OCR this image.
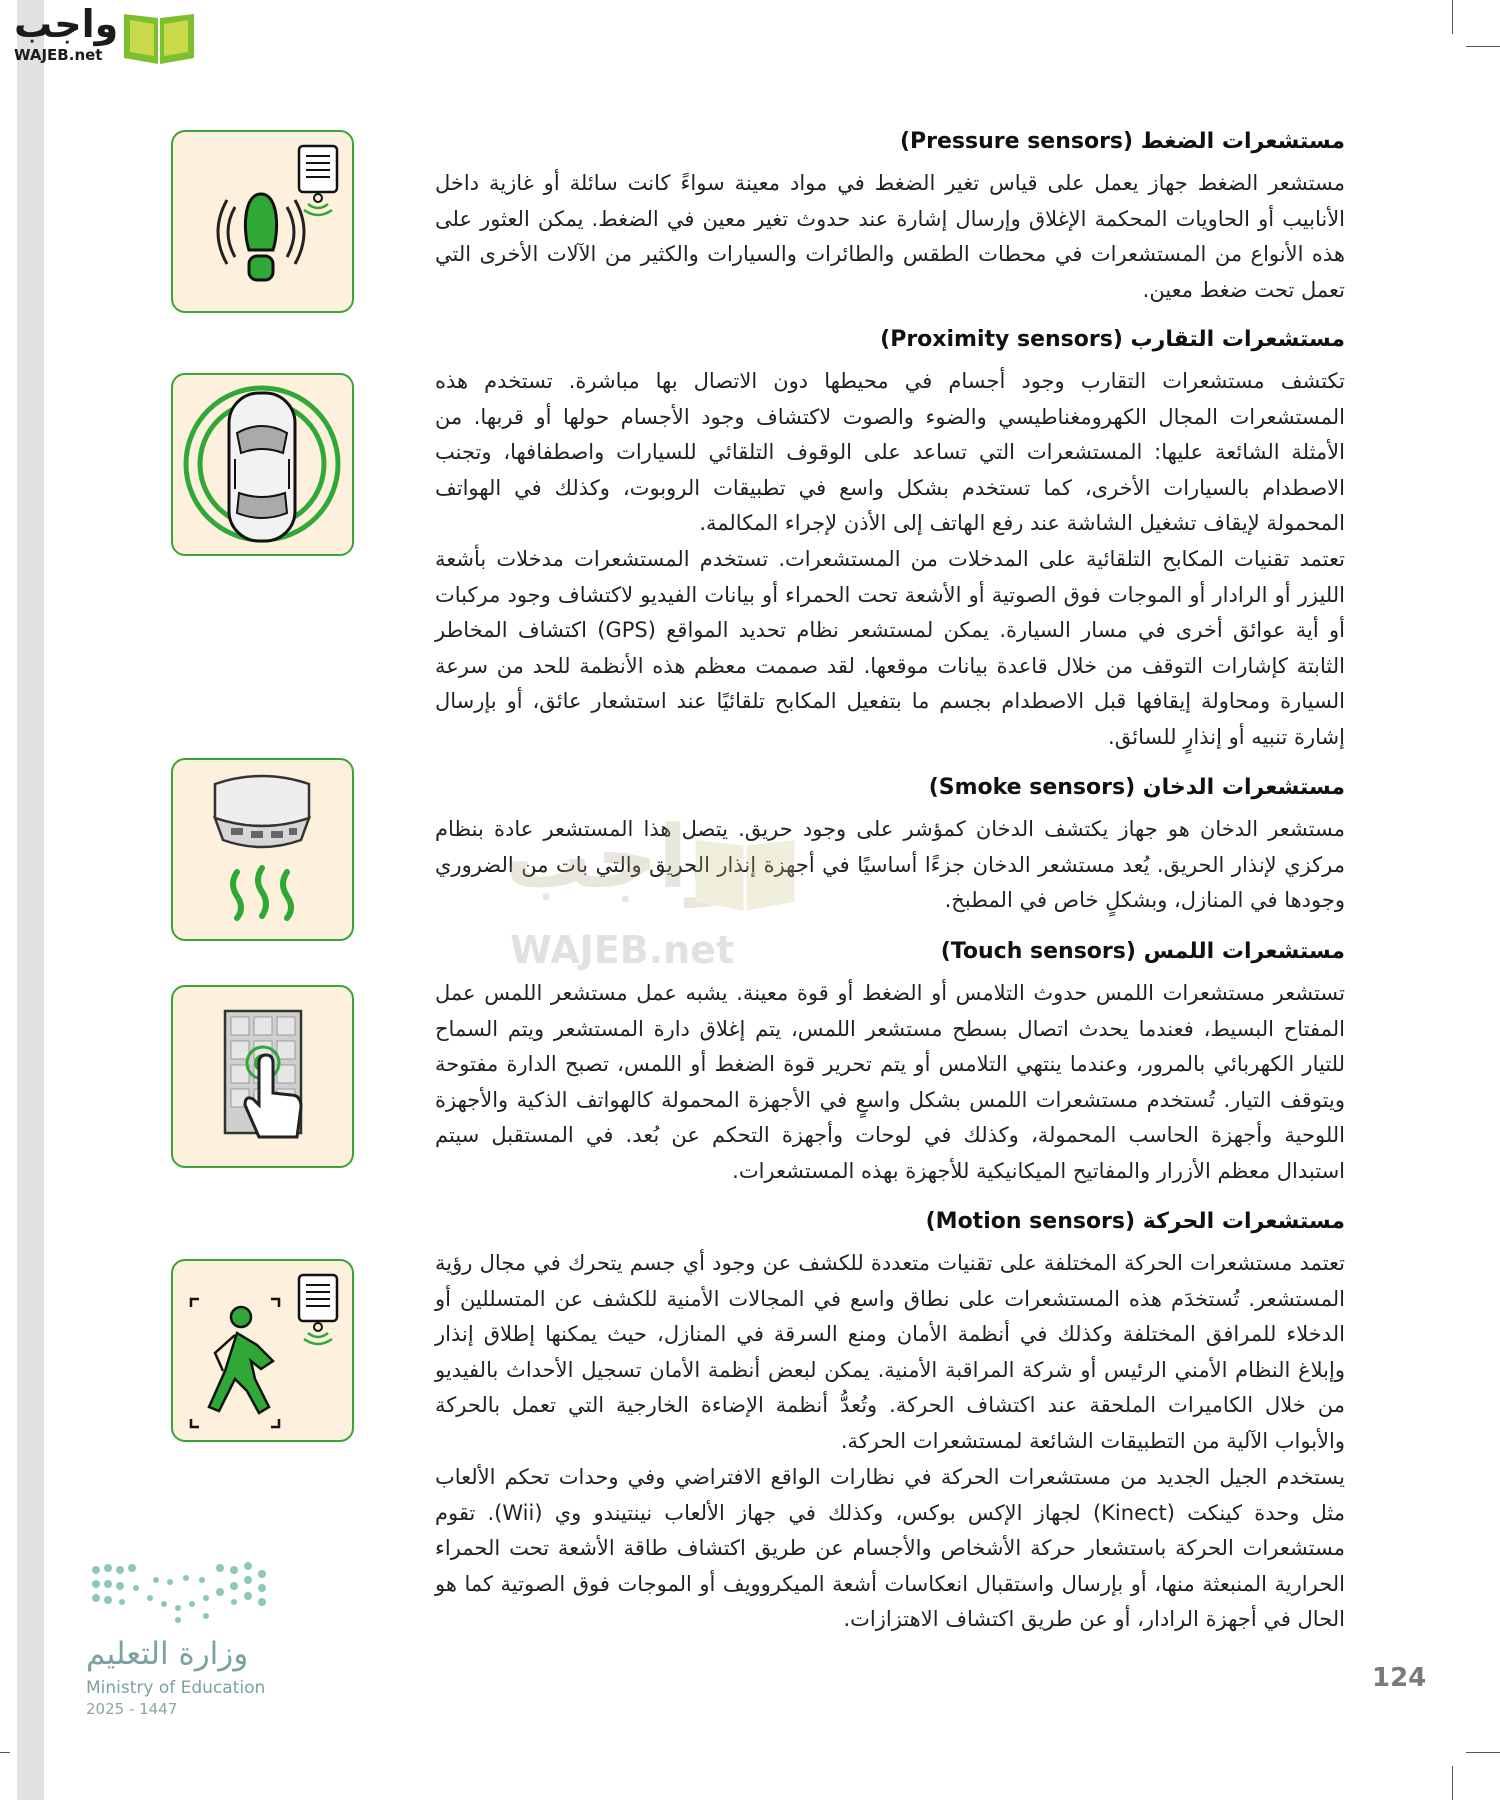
واجب
WAJEB.net
مستشعرات الضغط (Pressure sensors)
مستشعر الضغط جهاز يعمل على قياس تغير الضغط في مواد معينة سواءً كانت سائلة أو غازية داخل الأنابيب أو الحاويات المحكمة الإغلاق وإرسال إشارة عند حدوث تغير معين في الضغط. يمكن العثور على هذه الأنواع من المستشعرات في محطات الطقس والطائرات والسيارات والكثير من الآلات الأخرى التي تعمل تحت ضغط معين.
مستشعرات التقارب (Proximity sensors)
تكتشف مستشعرات التقارب وجود أجسام في محيطها دون الاتصال بها مباشرة. تستخدم هذه المستشعرات المجال الكهرومغناطيسي والضوء والصوت لاكتشاف وجود الأجسام حولها أو قربها. من الأمثلة الشائعة عليها: المستشعرات التي تساعد على الوقوف التلقائي للسيارات واصطفافها، وتجنب الاصطدام بالسيارات الأخرى، كما تستخدم بشكل واسع في تطبيقات الروبوت، وكذلك في الهواتف المحمولة لإيقاف تشغيل الشاشة عند رفع الهاتف إلى الأذن لإجراء المكالمة.
تعتمد تقنيات المكابح التلقائية على المدخلات من المستشعرات. تستخدم المستشعرات مدخلات بأشعة الليزر أو الرادار أو الموجات فوق الصوتية أو الأشعة تحت الحمراء أو بيانات الفيديو لاكتشاف وجود مركبات أو أية عوائق أخرى في مسار السيارة. يمكن لمستشعر نظام تحديد المواقع (GPS) اكتشاف المخاطر الثابتة كإشارات التوقف من خلال قاعدة بيانات موقعها. لقد صممت معظم هذه الأنظمة للحد من سرعة السيارة ومحاولة إيقافها قبل الاصطدام بجسم ما بتفعيل المكابح تلقائيًا عند استشعار عائق، أو بإرسال إشارة تنبيه أو إنذارٍ للسائق.
مستشعرات الدخان (Smoke sensors)
مستشعر الدخان هو جهاز يكتشف الدخان كمؤشر على وجود حريق. يتصل هذا المستشعر عادة بنظام مركزي لإنذار الحريق. يُعد مستشعر الدخان جزءًا أساسيًا في أجهزة إنذار الحريق والتي بات من الضروري وجودها في المنازل، وبشكلٍ خاص في المطبخ.
مستشعرات اللمس (Touch sensors)
تستشعر مستشعرات اللمس حدوث التلامس أو الضغط أو قوة معينة. يشبه عمل مستشعر اللمس عمل المفتاح البسيط، فعندما يحدث اتصال بسطح مستشعر اللمس، يتم إغلاق دارة المستشعر ويتم السماح للتيار الكهربائي بالمرور، وعندما ينتهي التلامس أو يتم تحرير قوة الضغط أو اللمس، تصبح الدارة مفتوحة ويتوقف التيار. تُستخدم مستشعرات اللمس بشكل واسعٍ في الأجهزة المحمولة كالهواتف الذكية والأجهزة اللوحية وأجهزة الحاسب المحمولة، وكذلك في لوحات وأجهزة التحكم عن بُعد. في المستقبل سيتم استبدال معظم الأزرار والمفاتيح الميكانيكية للأجهزة بهذه المستشعرات.
مستشعرات الحركة (Motion sensors)
تعتمد مستشعرات الحركة المختلفة على تقنيات متعددة للكشف عن وجود أي جسم يتحرك في مجال رؤية المستشعر. تُستخدَم هذه المستشعرات على نطاق واسع في المجالات الأمنية للكشف عن المتسللين أو الدخلاء للمرافق المختلفة وكذلك في أنظمة الأمان ومنع السرقة في المنازل، حيث يمكنها إطلاق إنذار وإبلاغ النظام الأمني الرئيس أو شركة المراقبة الأمنية. يمكن لبعض أنظمة الأمان تسجيل الأحداث بالفيديو من خلال الكاميرات الملحقة عند اكتشاف الحركة. وتُعدُّ أنظمة الإضاءة الخارجية التي تعمل بالحركة والأبواب الآلية من التطبيقات الشائعة لمستشعرات الحركة.
يستخدم الجيل الجديد من مستشعرات الحركة في نظارات الواقع الافتراضي وفي وحدات تحكم الألعاب مثل وحدة كينكت (Kinect) لجهاز الإكس بوكس، وكذلك في جهاز الألعاب نينتيندو وي (Wii). تقوم مستشعرات الحركة باستشعار حركة الأشخاص والأجسام عن طريق اكتشاف طاقة الأشعة تحت الحمراء الحرارية المنبعثة منها، أو بإرسال واستقبال انعكاسات أشعة الميكروويف أو الموجات فوق الصوتية كما هو الحال في أجهزة الرادار، أو عن طريق اكتشاف الاهتزازات.
واجب
WAJEB.net
وزارة التعليم
Ministry of Education
2025 - 1447
124
